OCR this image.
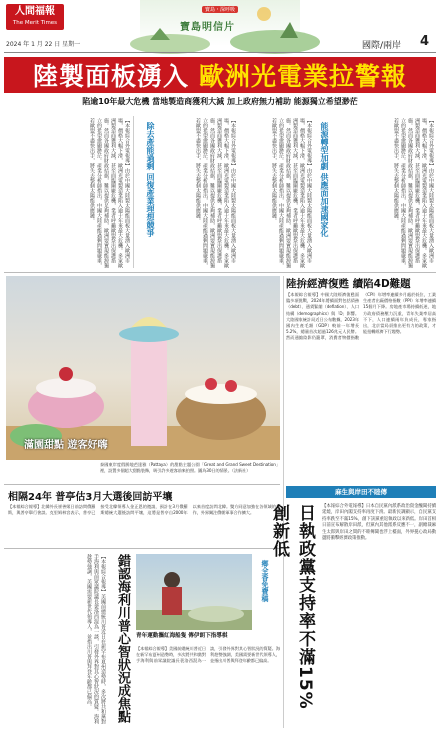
人間福報
The Merit Times
2024 年 1 月 22 日 星期一
寶島・深呼吸
寶島明信片
國際/兩岸 4
陸製面板湧入 歐洲光電業拉警報
陷逾10年最大危機 當地製造商獲利大減 加上政府無力補助 能源獨立希望渺茫
【本報綜合外電報導】由於中國大陸製太陽能面板大量湧入歐洲市場，價格大幅下滑，歐洲光電製造業陷入逾十年來最大危機。多家歐洲製造商獲利大減，甚至面臨關廠危機，業者呼籲歐盟祭出保護措施。然而各國政府財政拮据，難以提供足夠補助，歐洲要實現能源獨立的希望愈顯渺茫。產業分析師指出，中國大陸產能過剩問題嚴重，若歐盟不盡快出手，將失去整個太陽能供應鏈。	除去產能過剩 回復產業理想競爭	【本報綜合外電報導】由於中國大陸製太陽能面板大量湧入歐洲市場，價格大幅下滑，歐洲光電製造業陷入逾十年來最大危機。多家歐洲製造商獲利大減，甚至面臨關廠危機，業者呼籲歐盟祭出保護措施。然而各國政府財政拮据，難以提供足夠補助，歐洲要實現能源獨立的希望愈顯渺茫。產業分析師指出，中國大陸產能過剩問題嚴重，若歐盟不盡快出手，將失去整個太陽能供應鏈。	能源轉型加劇 供應面加速國家化
【本報綜合外電報導】由於中國大陸製太陽能面板大量湧入歐洲市場，價格大幅下滑，歐洲光電製造業陷入逾十年來最大危機。多家歐洲製造商獲利大減，甚至面臨關廠危機，業者呼籲歐盟祭出保護措施。然而各國政府財政拮据，難以提供足夠補助，歐洲要實現能源獨立的希望愈顯渺茫。產業分析師指出，中國大陸產能過剩問題嚴重，若歐盟不盡快出手，將失去整個太陽能供應鏈。	【本報綜合外電報導】由於中國大陸製太陽能面板大量湧入歐洲市場，價格大幅下滑，歐洲光電製造業陷入逾十年來最大危機。多家歐洲製造商獲利大減，甚至面臨關廠危機，業者呼籲歐盟祭出保護措施。然而各國政府財政拮据，難以提供足夠補助，歐洲要實現能源獨立的希望愈顯渺茫。產業分析師指出，中國大陸產能過剩問題嚴重，若歐盟不盡快出手，將失去整個太陽能供應鏈。
陸拚經濟復甦 續陷4D難題
【本報綜合報導】中國大陸經濟復甦面臨多項挑戰，2024年將續面對包括債務（debt）、通貨緊縮（deflation）、人口結構（demographics）與「D」影響。大陸國家統計局近日公布數據，2023年國內生產毛額（GDP）較前一年增長5.2%，總量首次超過126兆元人民幣。然而通縮陰影仍籠罩，消費者物價指數（CPI）年增率連續多月處於低位，工業生產者出廠價格指數（PPI）年增率連續15個月下降。房地產市場持續低迷，地方政府債務壓力沉重，青年失業率居高不下，人口連續兩年負成長，專家指出，北京當局須推出更有力的政策，才能扭轉經濟下行趨勢。
滿園甜點 遊客好嗨
泰國東岸度假勝地芭達雅（Pattaya）的甜點主題公園「Great and Grand Sweet Destination」裡，設置多個超大甜點裝飾，吸引許多遊客前來拍照。圖為30日的情景。（法新社）
相隔24年 普亭估3月大選後回訪平壤
【本報綜合報導】北韓外長崔善姬日前訪問俄羅斯，與普亭舉行會談。克里姆林宮表示，普亭已接受北韓領導人金正恩的邀請，預計在3月俄羅斯總統大選後訪問平壤，這將是普亭自2000年以來首度訪問北韓。雙方同意加強在各領域的合作，外界關注俄朝軍事合作擴大。
錯認海利川普心智狀況成焦點
【本報綜合報導】美國前總統川普近日在新罕布夏州造勢時，多次將共和黨對手海利與前眾議院議長裴洛西混為一談，引發外界對其心智狀況的質疑。海利趁勢強調，美國需要新世代領導人，並指出川普與拜登年齡都已偏高。	鄉全香免費稿
青年運動攜紅海船隻 傳伊朗下指導棋
【本報綜合報導】美國前總統川普近日在新罕布夏州造勢時，多次將共和黨對手海利與前眾議院議長裴洛西混為一談，引發外界對其心智狀況的質疑。海利趁勢強調，美國需要新世代領導人，並指出川普與拜登年齡都已偏高。
麻生與岸田不睦傳
日執政黨支持率不滿15% 創新低	【本報綜合外電報導】日本自民黨內派系政治資金醜聞持續延燒，岸田內閣支持率再度下滑。最新民調顯示，自民黨支持率跌至不滿15%，創下該黨重返執政以來新低。岸田首相日前宣布解散岸田派，但黨內其他派系反應不一，副總裁麻生太郎與岸田之間的不睦傳聞也浮上檯面，外界憂心政局動盪將衝擊經濟政策推動。
